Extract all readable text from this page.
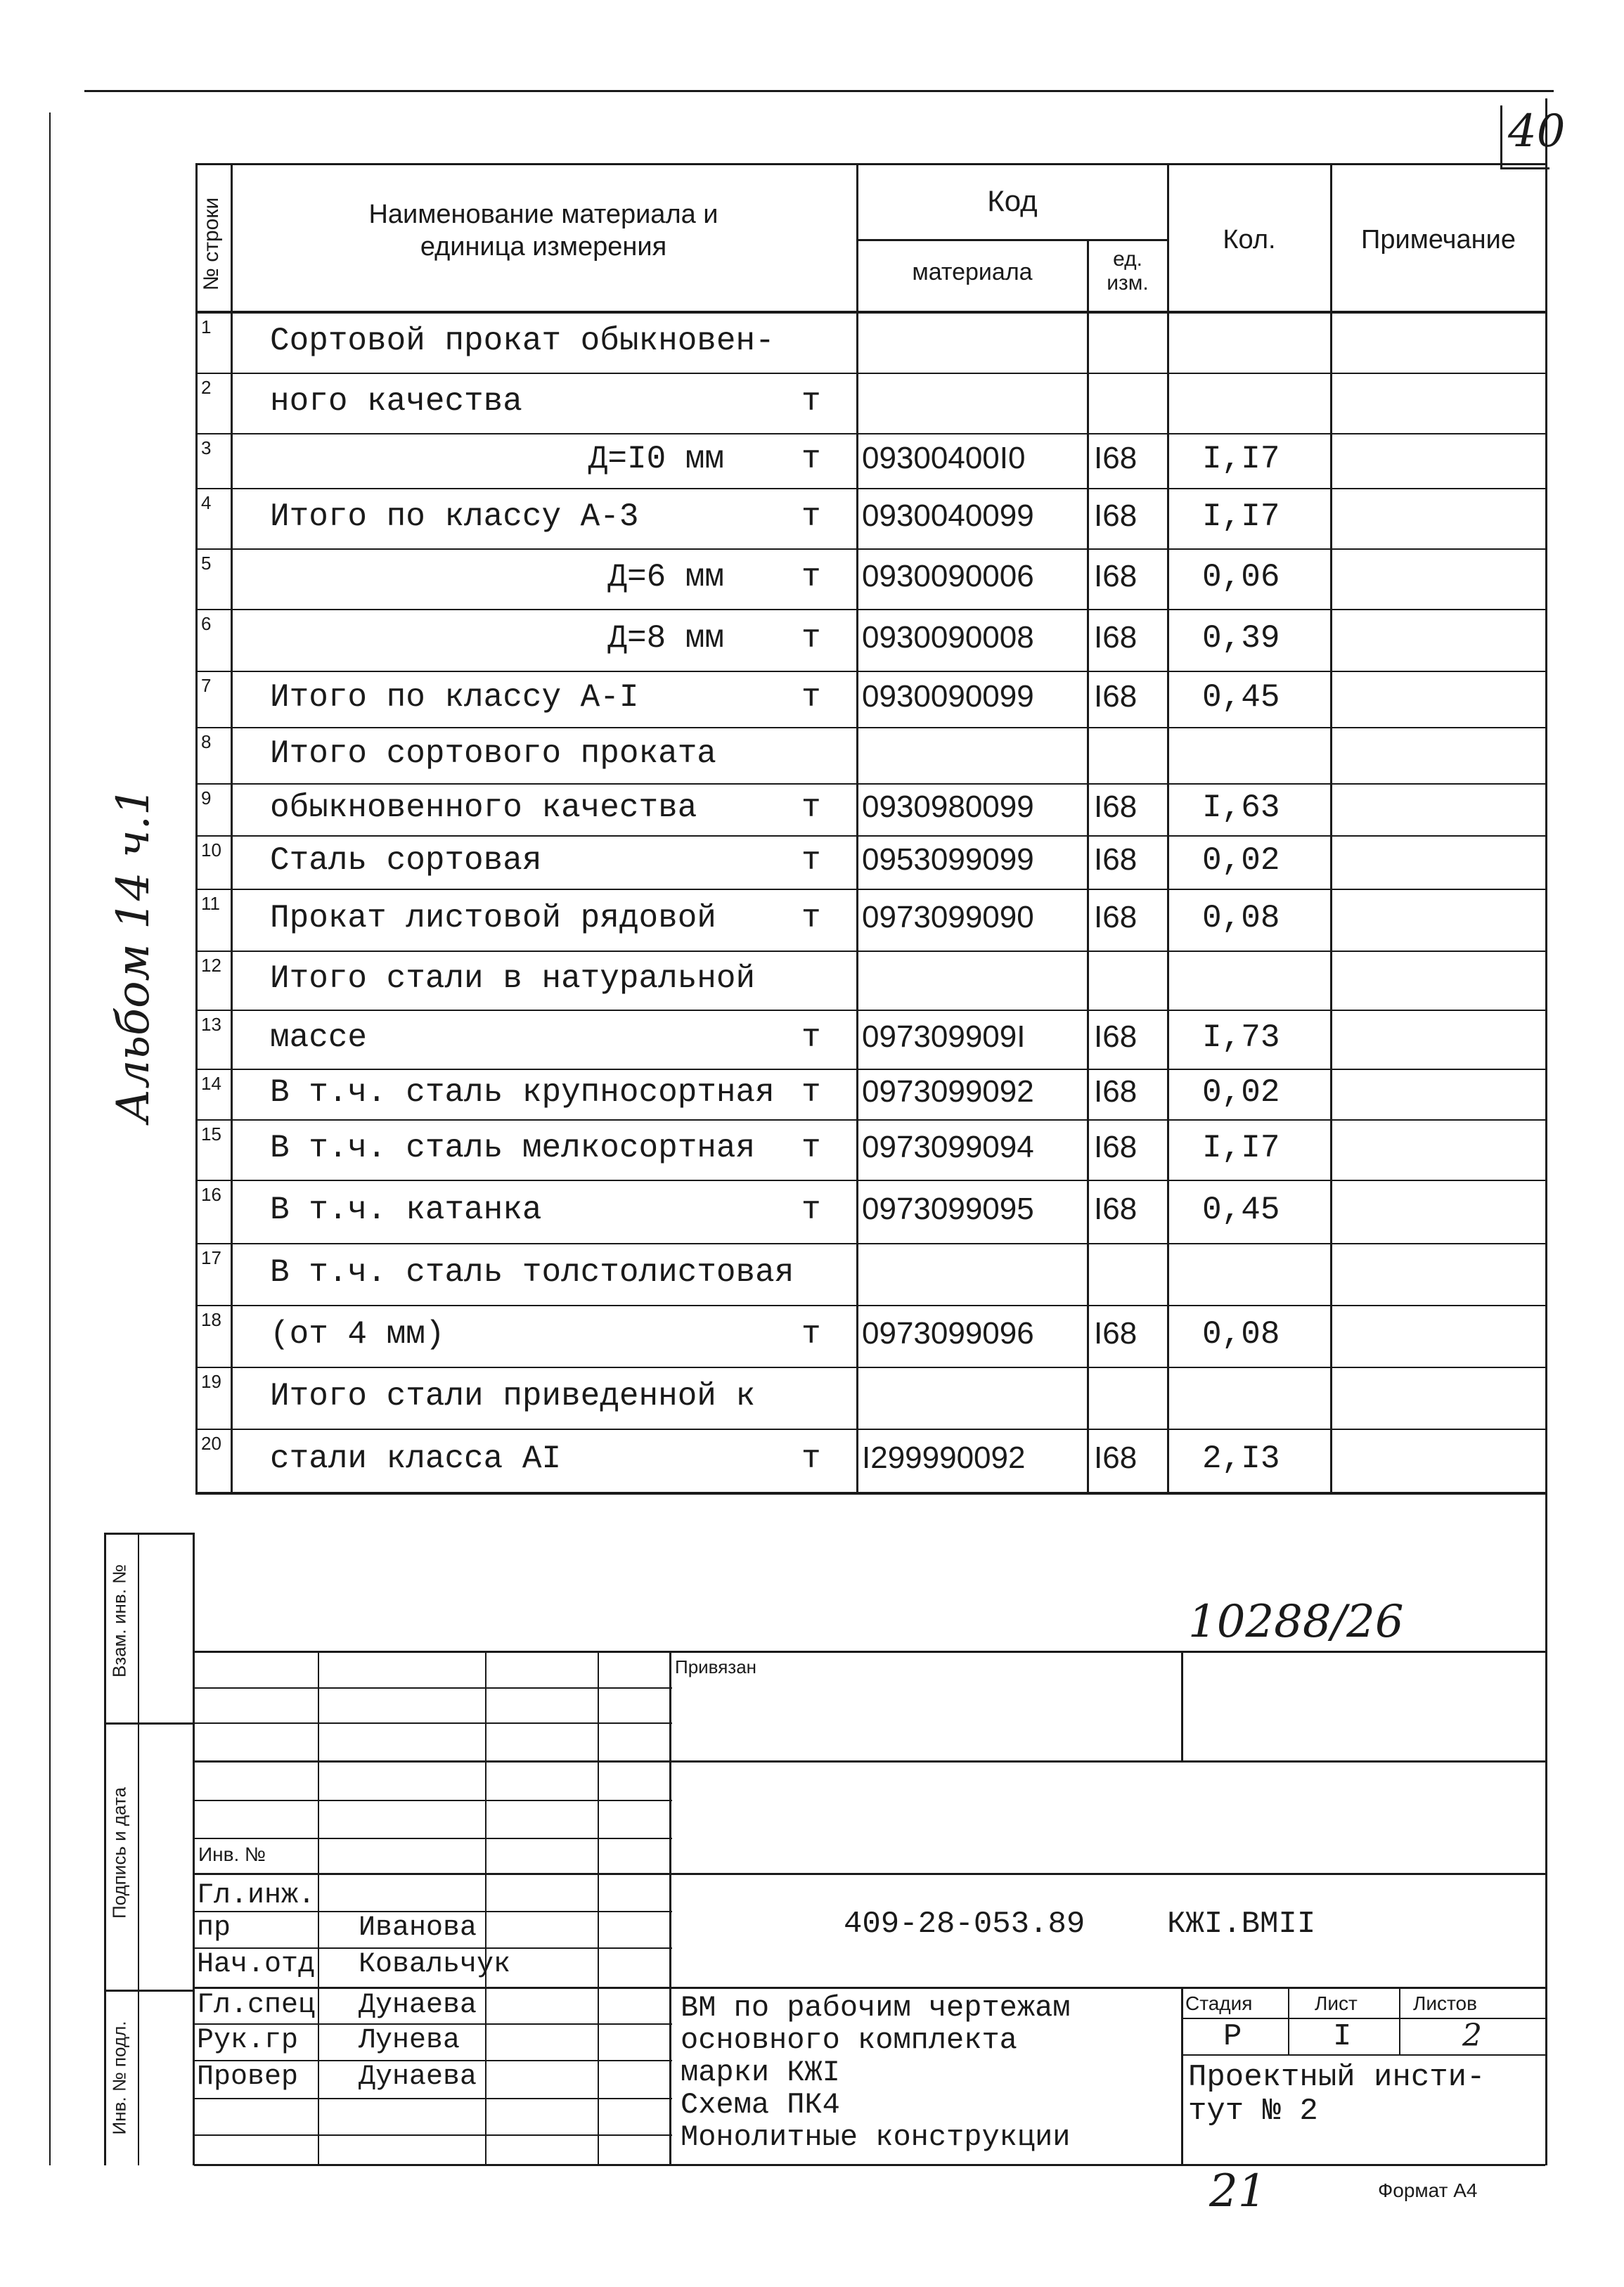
40
№ строки	Наименование материала и
единица измерения
Код
материала	ед.
изм.
Кол.	Примечание
1 Сортовой прокат обыкновен-
2 ного качества	т
3	Д=I0 мм т 09300400I0 I68 I,I7
4 Итого по классу А-3	т 0930040099 I68 I,I7
5	Д=6 мм т 0930090006 I68 0,06
6	Д=8 мм т 0930090008 I68 0,39
7 Итого по классу А-I	т 0930090099 I68 0,45
8 Итого сортового проката
9 обыкновенного качества	т 0930980099 I68 I,63
10 Сталь сортовая	т 0953099099 I68 0,02
11 Прокат листовой рядовой	т 0973099090 I68 0,08
12 Итого стали в натуральной
13 массе	т 097309909I I68 I,73
14 В т.ч. сталь крупносортная т 0973099092 I68 0,02
15 В т.ч. сталь мелкосортная т 0973099094 I68 I,I7
16 В т.ч. катанка	т 0973099095 I68 0,45
17 В т.ч. сталь толстолистовая
18 (от 4 мм)	т 0973099096 I68 0,08
19 Итого стали приведенной к
20 стали класса АI	т I299990092 I68 2,I3
Альбом 14 ч.1
Взам. инв. №
Подпись и дата
Инв. № подл.
10288/26
Привязан
Инв. №
409-28-053.89	КЖI.ВМII
Гл.инж.
пр	Иванова
Нач.отд Ковальчук
Гл.спец Дунаева
Рук.гр Лунева
Провер Дунаева
ВМ по рабочим чертежам
основного комплекта
марки КЖI
Схема ПК4
Монолитные конструкции
Стадия	Лист	Листов
Р	I	2
Проектный инсти-
тут № 2
21	Формат А4
